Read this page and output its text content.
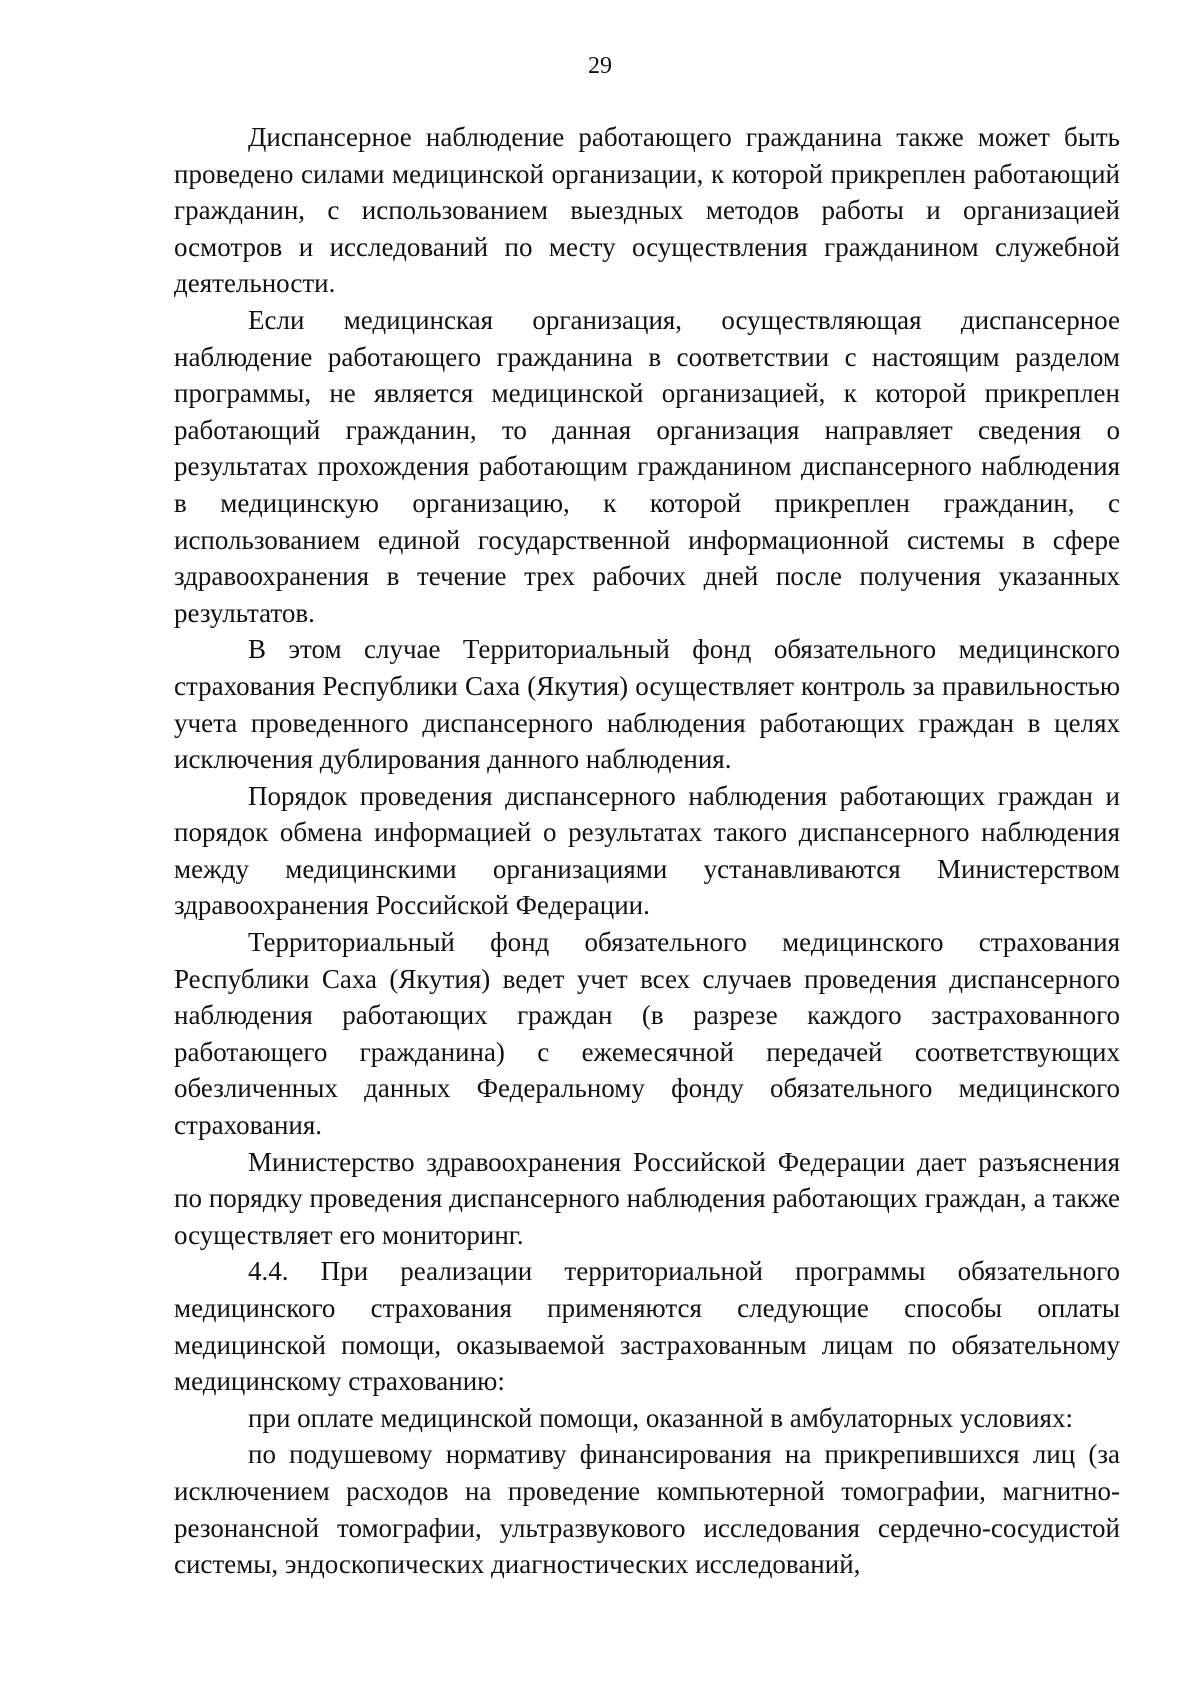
29

Диспансерное наблюдение работающего гражданина также может быть проведено силами медицинской организации, к которой прикреплен работающий гражданин, с использованием выездных методов работы и организацией осмотров и исследований по месту осуществления гражданином служебной деятельности.

Если медицинская организация, осуществляющая диспансерное наблюдение работающего гражданина в соответствии с настоящим разделом программы, не является медицинской организацией, к которой прикреплен работающий гражданин, то данная организация направляет сведения о результатах прохождения работающим гражданином диспансерного наблюдения в медицинскую организацию, к которой прикреплен гражданин, с использованием единой государственной информационной системы в сфере здравоохранения в течение трех рабочих дней после получения указанных результатов.

В этом случае Территориальный фонд обязательного медицинского страхования Республики Саха (Якутия) осуществляет контроль за правильностью учета проведенного диспансерного наблюдения работающих граждан в целях исключения дублирования данного наблюдения.

Порядок проведения диспансерного наблюдения работающих граждан и порядок обмена информацией о результатах такого диспансерного наблюдения между медицинскими организациями устанавливаются Министерством здравоохранения Российской Федерации.

Территориальный фонд обязательного медицинского страхования Республики Саха (Якутия) ведет учет всех случаев проведения диспансерного наблюдения работающих граждан (в разрезе каждого застрахованного работающего гражданина) с ежемесячной передачей соответствующих обезличенных данных Федеральному фонду обязательного медицинского страхования.

Министерство здравоохранения Российской Федерации дает разъяснения по порядку проведения диспансерного наблюдения работающих граждан, а также осуществляет его мониторинг.

4.4. При реализации территориальной программы обязательного медицинского страхования применяются следующие способы оплаты медицинской помощи, оказываемой застрахованным лицам по обязательному медицинскому страхованию:

при оплате медицинской помощи, оказанной в амбулаторных условиях:

по подушевому нормативу финансирования на прикрепившихся лиц (за исключением расходов на проведение компьютерной томографии, магнитно-резонансной томографии, ультразвукового исследования сердечно-сосудистой системы, эндоскопических диагностических исследований,
